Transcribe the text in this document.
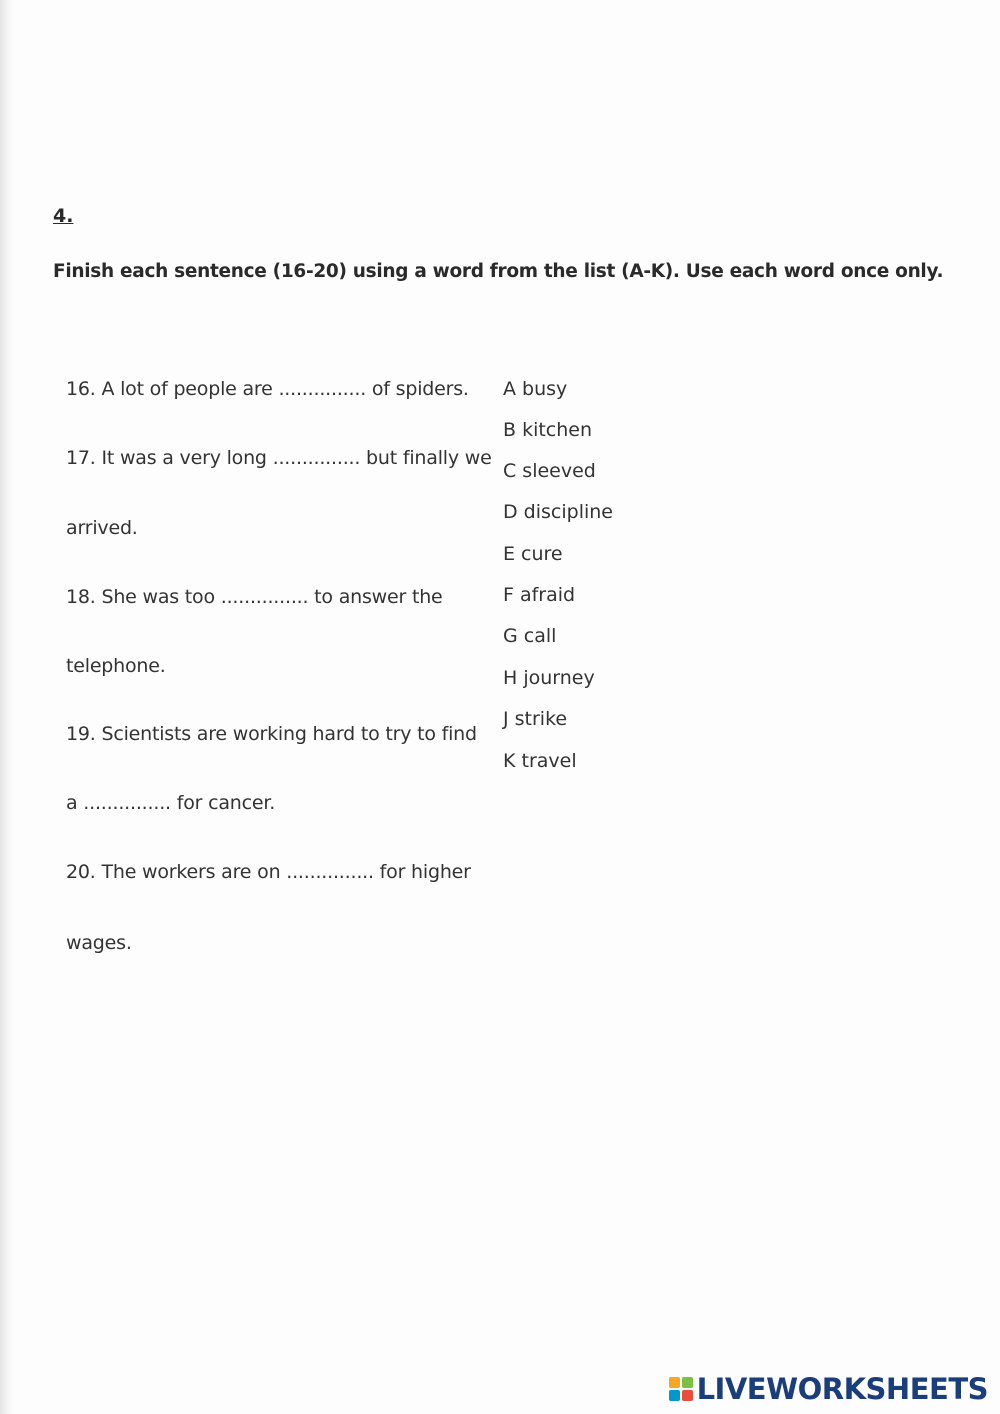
4.
Finish each sentence (16-20) using a word from the list (A-K). Use each word once only.
16. A lot of people are ............... of spiders.
17. It was a very long ............... but finally we
arrived.
18. She was too ............... to answer the
telephone.
19. Scientists are working hard to try to find
a ............... for cancer.
20. The workers are on ............... for higher
wages.
A busy
B kitchen
C sleeved
D discipline
E cure
F afraid
G call
H journey
J strike
K travel
LIVEWORKSHEETS
